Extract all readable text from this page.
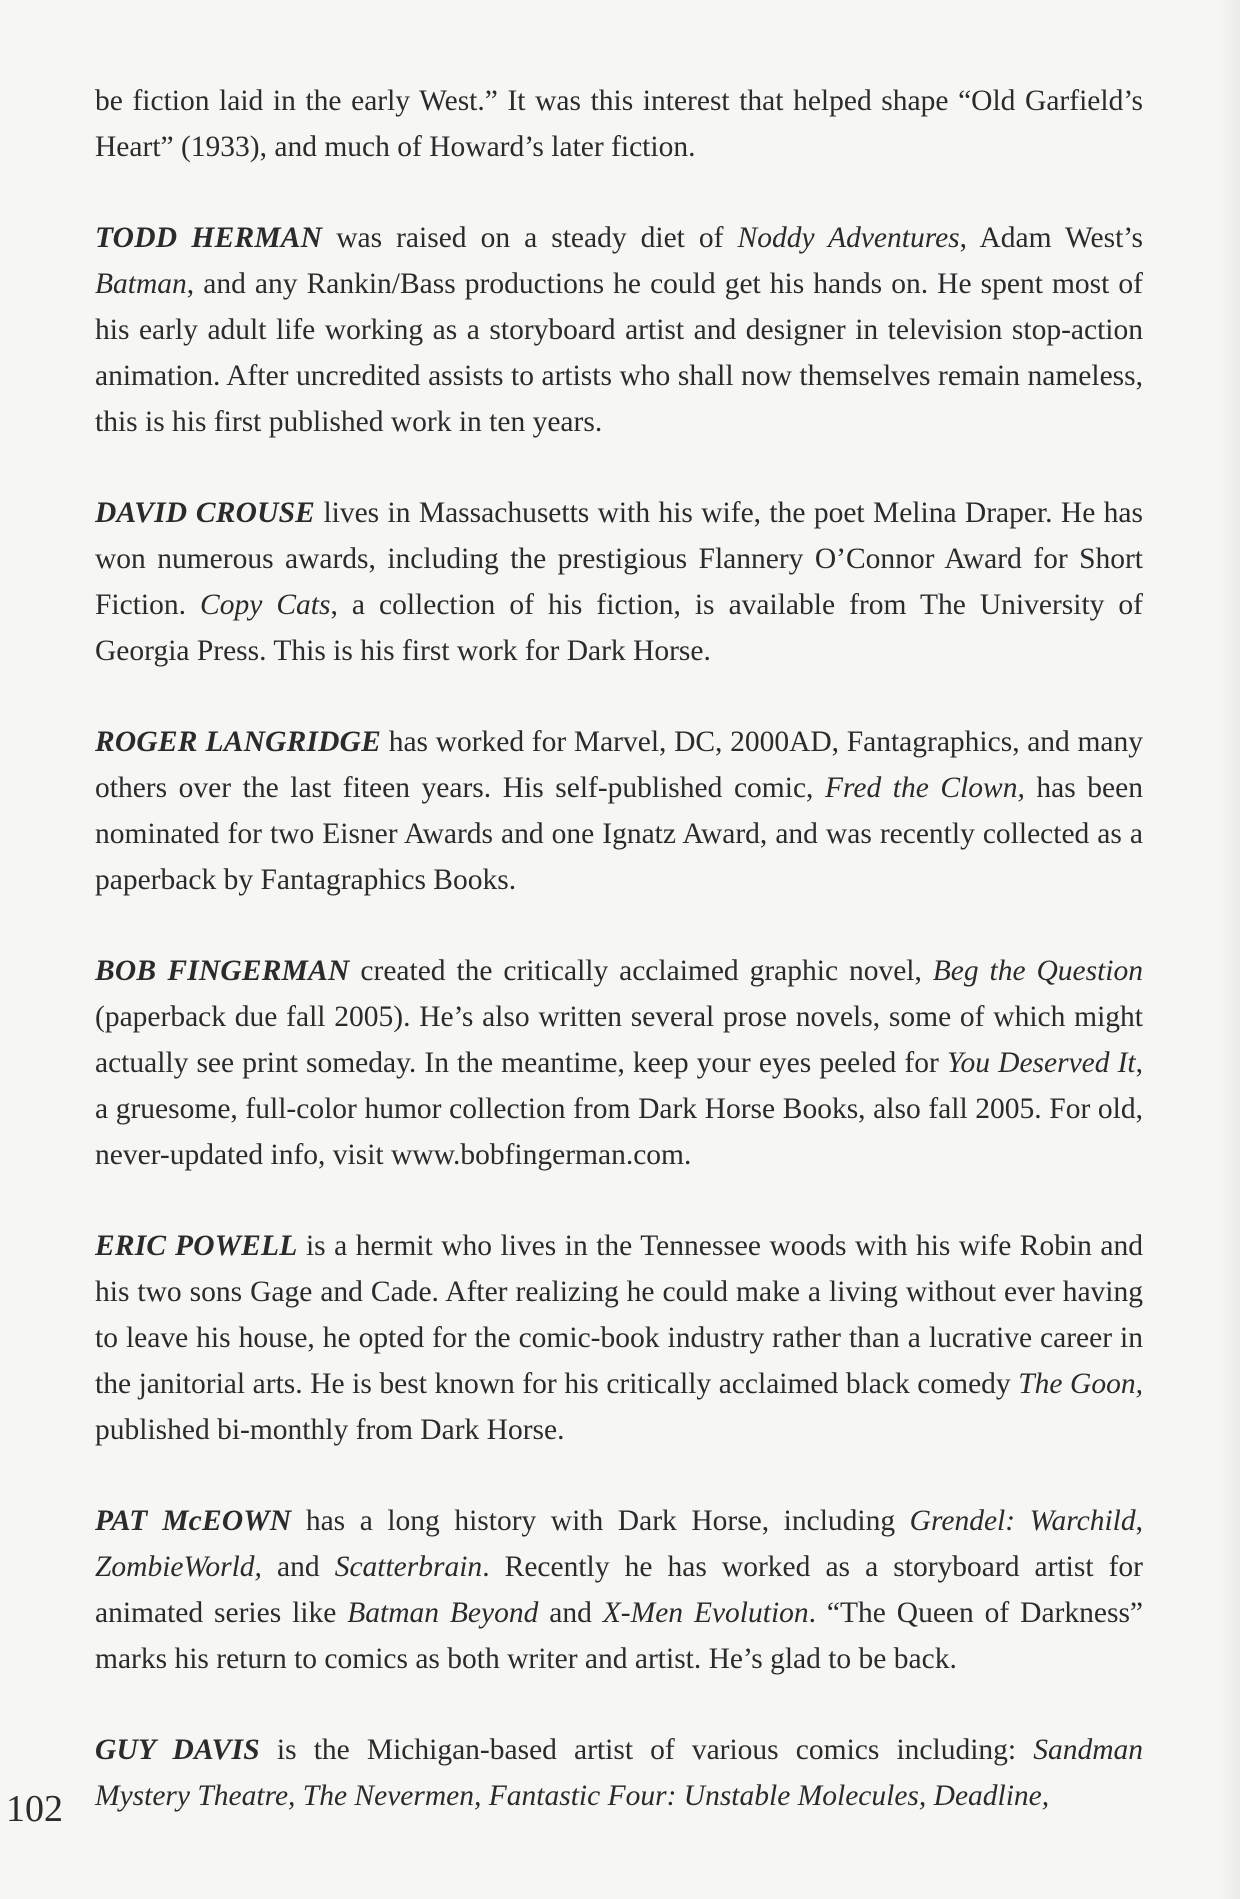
be fiction laid in the early West.” It was this interest that helped shape “Old Garfield’s Heart” (1933), and much of Howard’s later fiction.

TODD HERMAN was raised on a steady diet of Noddy Adventures, Adam West’s Batman, and any Rankin/Bass productions he could get his hands on. He spent most of his early adult life working as a storyboard artist and designer in television stop-action animation. After uncredited assists to artists who shall now themselves remain nameless, this is his first published work in ten years.

DAVID CROUSE lives in Massachusetts with his wife, the poet Melina Draper. He has won numerous awards, including the prestigious Flannery O’Connor Award for Short Fiction. Copy Cats, a collection of his fiction, is available from The University of Georgia Press. This is his first work for Dark Horse.

ROGER LANGRIDGE has worked for Marvel, DC, 2000AD, Fantagraphics, and many others over the last fiteen years. His self-published comic, Fred the Clown, has been nominated for two Eisner Awards and one Ignatz Award, and was recently collected as a paperback by Fantagraphics Books.

BOB FINGERMAN created the critically acclaimed graphic novel, Beg the Question (paperback due fall 2005). He’s also written several prose novels, some of which might actually see print someday. In the meantime, keep your eyes peeled for You Deserved It, a gruesome, full-color humor collection from Dark Horse Books, also fall 2005. For old, never-updated info, visit www.bobfingerman.com.

ERIC POWELL is a hermit who lives in the Tennessee woods with his wife Robin and his two sons Gage and Cade. After realizing he could make a living without ever having to leave his house, he opted for the comic-book industry rather than a lucrative career in the janitorial arts. He is best known for his critically acclaimed black comedy The Goon, published bi-monthly from Dark Horse.

PAT McEOWN has a long history with Dark Horse, including Grendel: Warchild, ZombieWorld, and Scatterbrain. Recently he has worked as a storyboard artist for animated series like Batman Beyond and X-Men Evolution. “The Queen of Darkness” marks his return to comics as both writer and artist. He’s glad to be back.

GUY DAVIS is the Michigan-based artist of various comics including: Sandman Mystery Theatre, The Nevermen, Fantastic Four: Unstable Molecules, Deadline,

102
